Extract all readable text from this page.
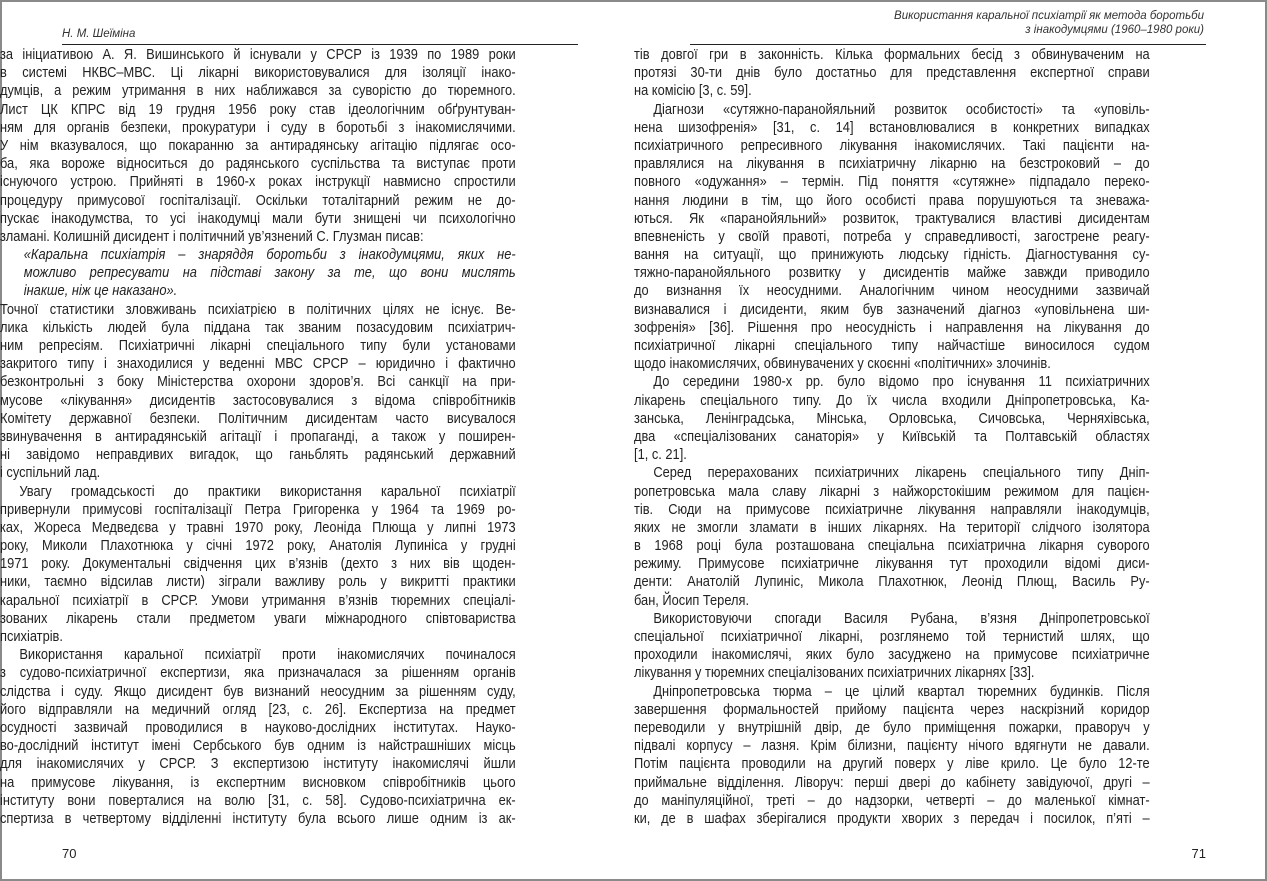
Н. М. Шеїміна
за ініциативою А. Я. Вишинського й існували у СРСР із 1939 по 1989 роки
в системі НКВС–МВС. Ці лікарні використовувалися для ізоляції інако-
думців, а режим утримання в них наближався за суворістю до тюремного.
Лист ЦК КПРС від 19 грудня 1956 року став ідеологічним обґрунтуван-
ням для органів безпеки, прокуратури і суду в боротьбі з інакомислячими.
У нім вказувалося, що покаранню за антирадянську агітацію підлягає осо-
ба, яка вороже відноситься до радянського суспільства та виступає проти
існуючого устрою. Прийняті в 1960-х роках інструкції навмисно спростили
процедуру примусової госпіталізації. Оскільки тоталітарний режим не до-
пускає інакодумства, то усі інакодумці мали бути знищені чи психологічно
зламані. Колишній дисидент і політичний ув’язнений С. Глузман писав:
«Каральна психіатрія – знаряддя боротьби з інакодумцями, яких не-
можливо репресувати на підставі закону за те, що вони мислять
інакше, ніж це наказано».
Точної статистики зловживань психіатрією в політичних цілях не існує. Ве-
лика кількість людей була піддана так званим позасудовим психіатрич-
ним репресіям. Психіатричні лікарні спеціального типу були установами
закритого типу і знаходилися у веденні МВС СРСР – юридично і фактично
безконтрольні з боку Міністерства охорони здоров’я. Всі санкції на при-
мусове «лікування» дисидентів застосовувалися з відома співробітників
Комітету державної безпеки. Політичним дисидентам часто висувалося
звинувачення в антирадянській агітації і пропаганді, а також у поширен-
ні завідомо неправдивих вигадок, що ганьблять радянський державний
і суспільний лад.
Увагу громадськості до практики використання каральної психіатрії
привернули примусові госпіталізації Петра Григоренка у 1964 та 1969 ро-
ках, Жореса Медведєва у травні 1970 року, Леоніда Плюща у липні 1973
року, Миколи Плахотнюка у січні 1972 року, Анатолія Лупиніса у грудні
1971 року. Документальні свідчення цих в’язнів (дехто з них вів щоден-
ники, таємно відсилав листи) зіграли важливу роль у викритті практики
каральної психіатрії в СРСР. Умови утримання в’язнів тюремних спеціалі-
зованих лікарень стали предметом уваги міжнародного співтовариства
психіатрів.
Використання каральної психіатрії проти інакомислячих починалося
з судово-психіатричної експертизи, яка призначалася за рішенням органів
слідства і суду. Якщо дисидент був визнаний неосудним за рішенням суду,
його відправляли на медичний огляд [23, с. 26]. Експертиза на предмет
осудності зазвичай проводилися в науково-дослідних інститутах. Науко-
во-дослідний інститут імені Сербського був одним із найстрашніших місць
для інакомислячих у СРСР. З експертизою інституту інакомислячі йшли
на примусове лікування, із експертним висновком співробітників цього
інституту вони поверталися на волю [31, с. 58]. Судово-психіатрична ек-
спертиза в четвертому відділенні інституту була всього лише одним із ак-
70
Використання каральної психіатрії як метода боротьби
з інакодумцями (1960–1980 роки)
тів довгої гри в законність. Кілька формальних бесід з обвинуваченим на
протязі 30-ти днів було достатньо для представлення експертної справи
на комісію [3, с. 59].
Діагнози «сутяжно-паранойяльний розвиток особистості» та «уповіль-
нена шизофренія» [31, с. 14] встановлювалися в конкретних випадках
психіатричного репресивного лікування інакомислячих. Такі пацієнти на-
правлялися на лікування в психіатричну лікарню на безстроковий – до
повного «одужання» – термін. Під поняття «сутяжне» підпадало переко-
нання людини в тім, що його особисті права порушуються та зневажа-
ються. Як «паранойяльний» розвиток, трактувалися властиві дисидентам
впевненість у своїй правоті, потреба у справедливості, загострене реагу-
вання на ситуації, що принижують людську гідність. Діагностування су-
тяжно-паранойяльного розвитку у дисидентів майже завжди приводило
до визнання їх неосудними. Аналогічним чином неосудними зазвичай
визнавалися і дисиденти, яким був зазначений діагноз «уповільнена ши-
зофренія» [36]. Рішення про неосудність і направлення на лікування до
психіатричної лікарні спеціального типу найчастіше виносилося судом
щодо інакомислячих, обвинувачених у скоєнні «політичних» злочинів.
До середини 1980-х рр. було відомо про існування 11 психіатричних
лікарень спеціального типу. До їх числа входили Дніпропетровська, Ка-
занська, Ленінградська, Мінська, Орловська, Сичовська, Черняхівська,
два «спеціалізованих санаторія» у Київській та Полтавській областях
[1, с. 21].
Серед перерахованих психіатричних лікарень спеціального типу Дніп-
ропетровська мала славу лікарні з найжорстокішим режимом для пацієн-
тів. Сюди на примусове психіатричне лікування направляли інакодумців,
яких не змогли зламати в інших лікарнях. На території слідчого ізолятора
в 1968 році була розташована спеціальна психіатрична лікарня суворого
режиму. Примусове психіатричне лікування тут проходили відомі диси-
денти: Анатолій Лупиніс, Микола Плахотнюк, Леонід Плющ, Василь Ру-
бан, Йосип Тереля.
Використовуючи спогади Василя Рубана, в’язня Дніпропетровської
спеціальної психіатричної лікарні, розглянемо той тернистий шлях, що
проходили інакомислячі, яких було засуджено на примусове психіатричне
лікування у тюремних спеціалізованих психіатричних лікарнях [33].
Дніпропетровська тюрма – це цілий квартал тюремних будинків. Після
завершення формальностей прийому пацієнта через наскрізний коридор
переводили у внутрішній двір, де було приміщення пожарки, праворуч у
підвалі корпусу – лазня. Крім білизни, пацієнту нічого вдягнути не давали.
Потім пацієнта проводили на другий поверх у ліве крило. Це було 12-те
приймальне відділення. Ліворуч: перші двері до кабінету завідуючої, другі –
до маніпуляційної, треті – до надзорки, четверті – до маленької кімнат-
ки, де в шафах зберігалися продукти хворих з передач і посилок, п’яті –
71
